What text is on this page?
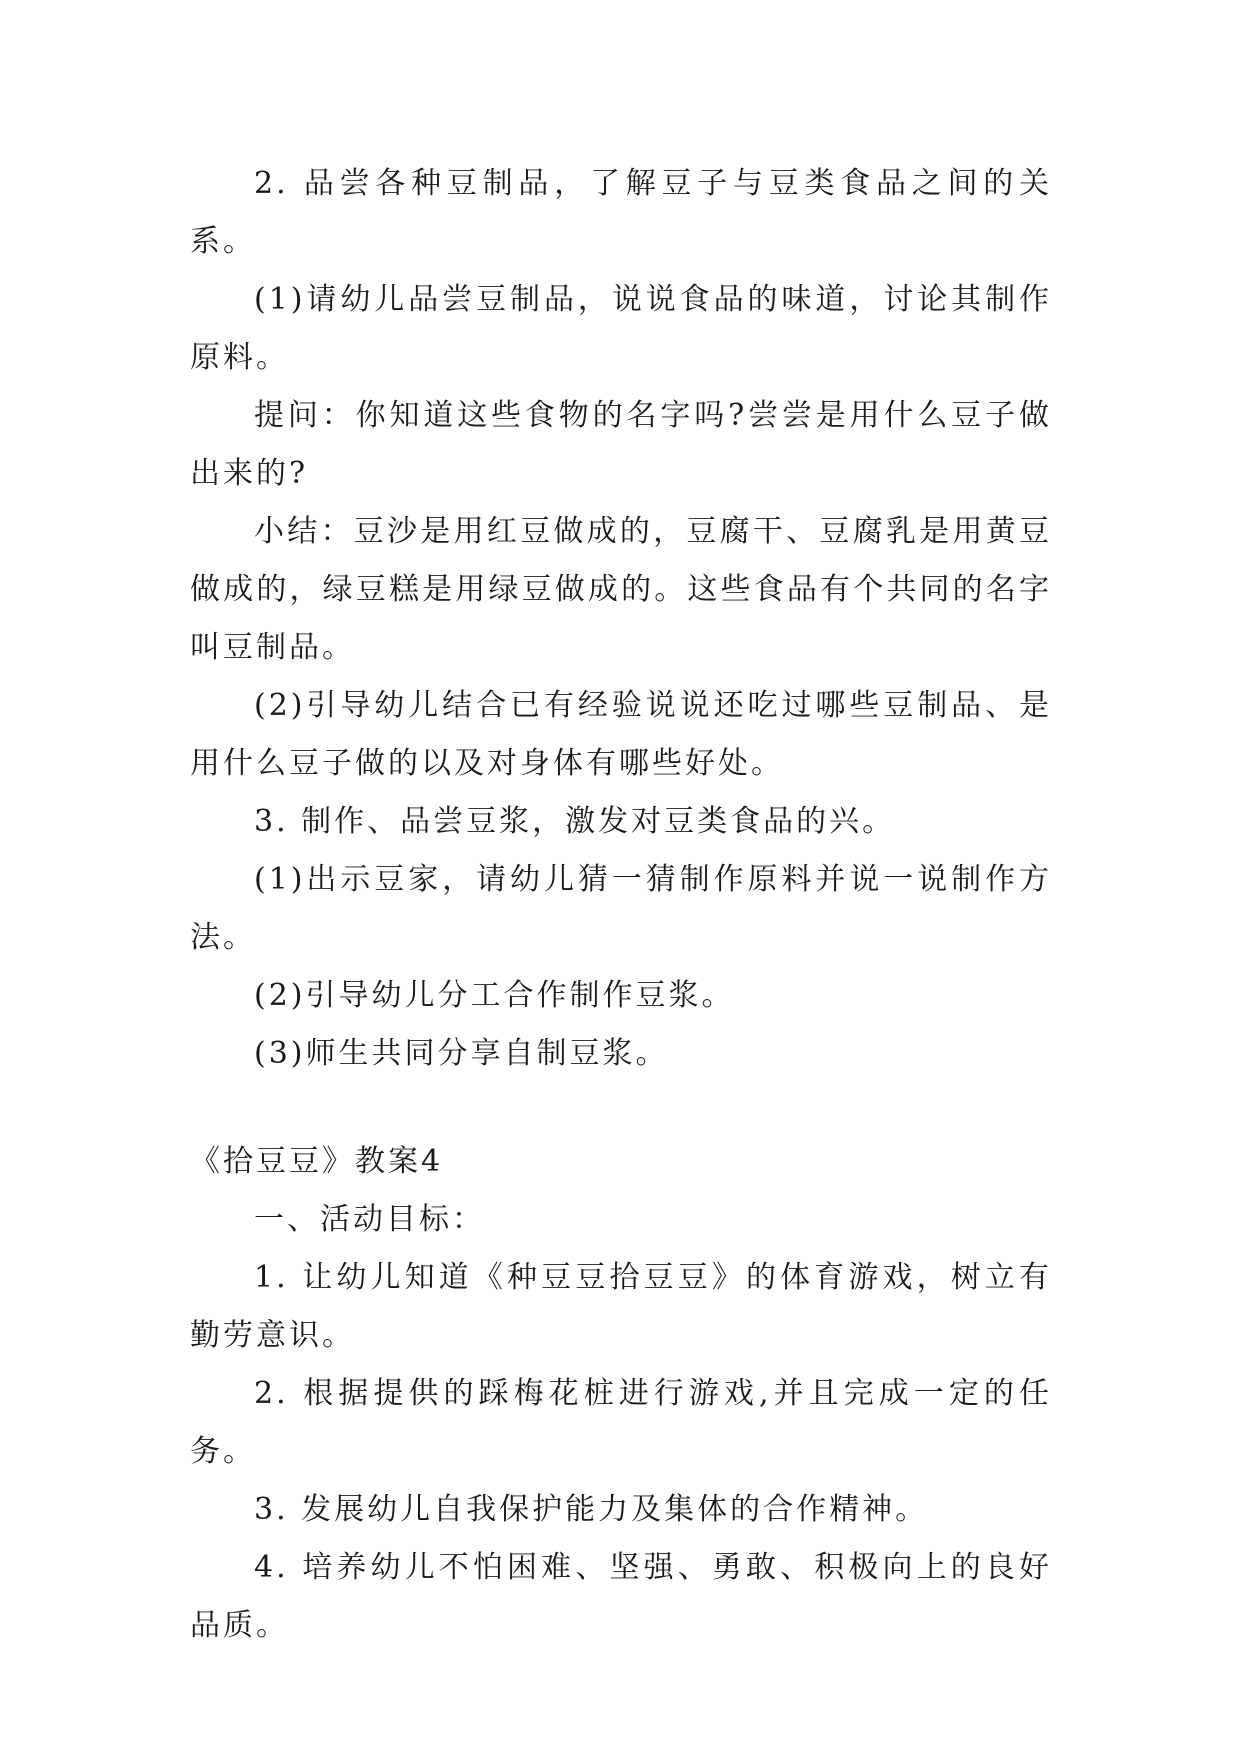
2. 品尝各种豆制品，了解豆子与豆类食品之间的关系。

(1)请幼儿品尝豆制品，说说食品的味道，讨论其制作原料。

提问：你知道这些食物的名字吗?尝尝是用什么豆子做出来的?

小结：豆沙是用红豆做成的，豆腐干、豆腐乳是用黄豆做成的，绿豆糕是用绿豆做成的。这些食品有个共同的名字叫豆制品。

(2)引导幼儿结合已有经验说说还吃过哪些豆制品、是用什么豆子做的以及对身体有哪些好处。

3. 制作、品尝豆浆，激发对豆类食品的兴。

(1)出示豆家，请幼儿猜一猜制作原料并说一说制作方法。

(2)引导幼儿分工合作制作豆浆。

(3)师生共同分享自制豆浆。

《拾豆豆》教案4

一、活动目标：

1. 让幼儿知道《种豆豆拾豆豆》的体育游戏，树立有勤劳意识。

2. 根据提供的踩梅花桩进行游戏,并且完成一定的任务。

3. 发展幼儿自我保护能力及集体的合作精神。

4. 培养幼儿不怕困难、坚强、勇敢、积极向上的良好品质。
